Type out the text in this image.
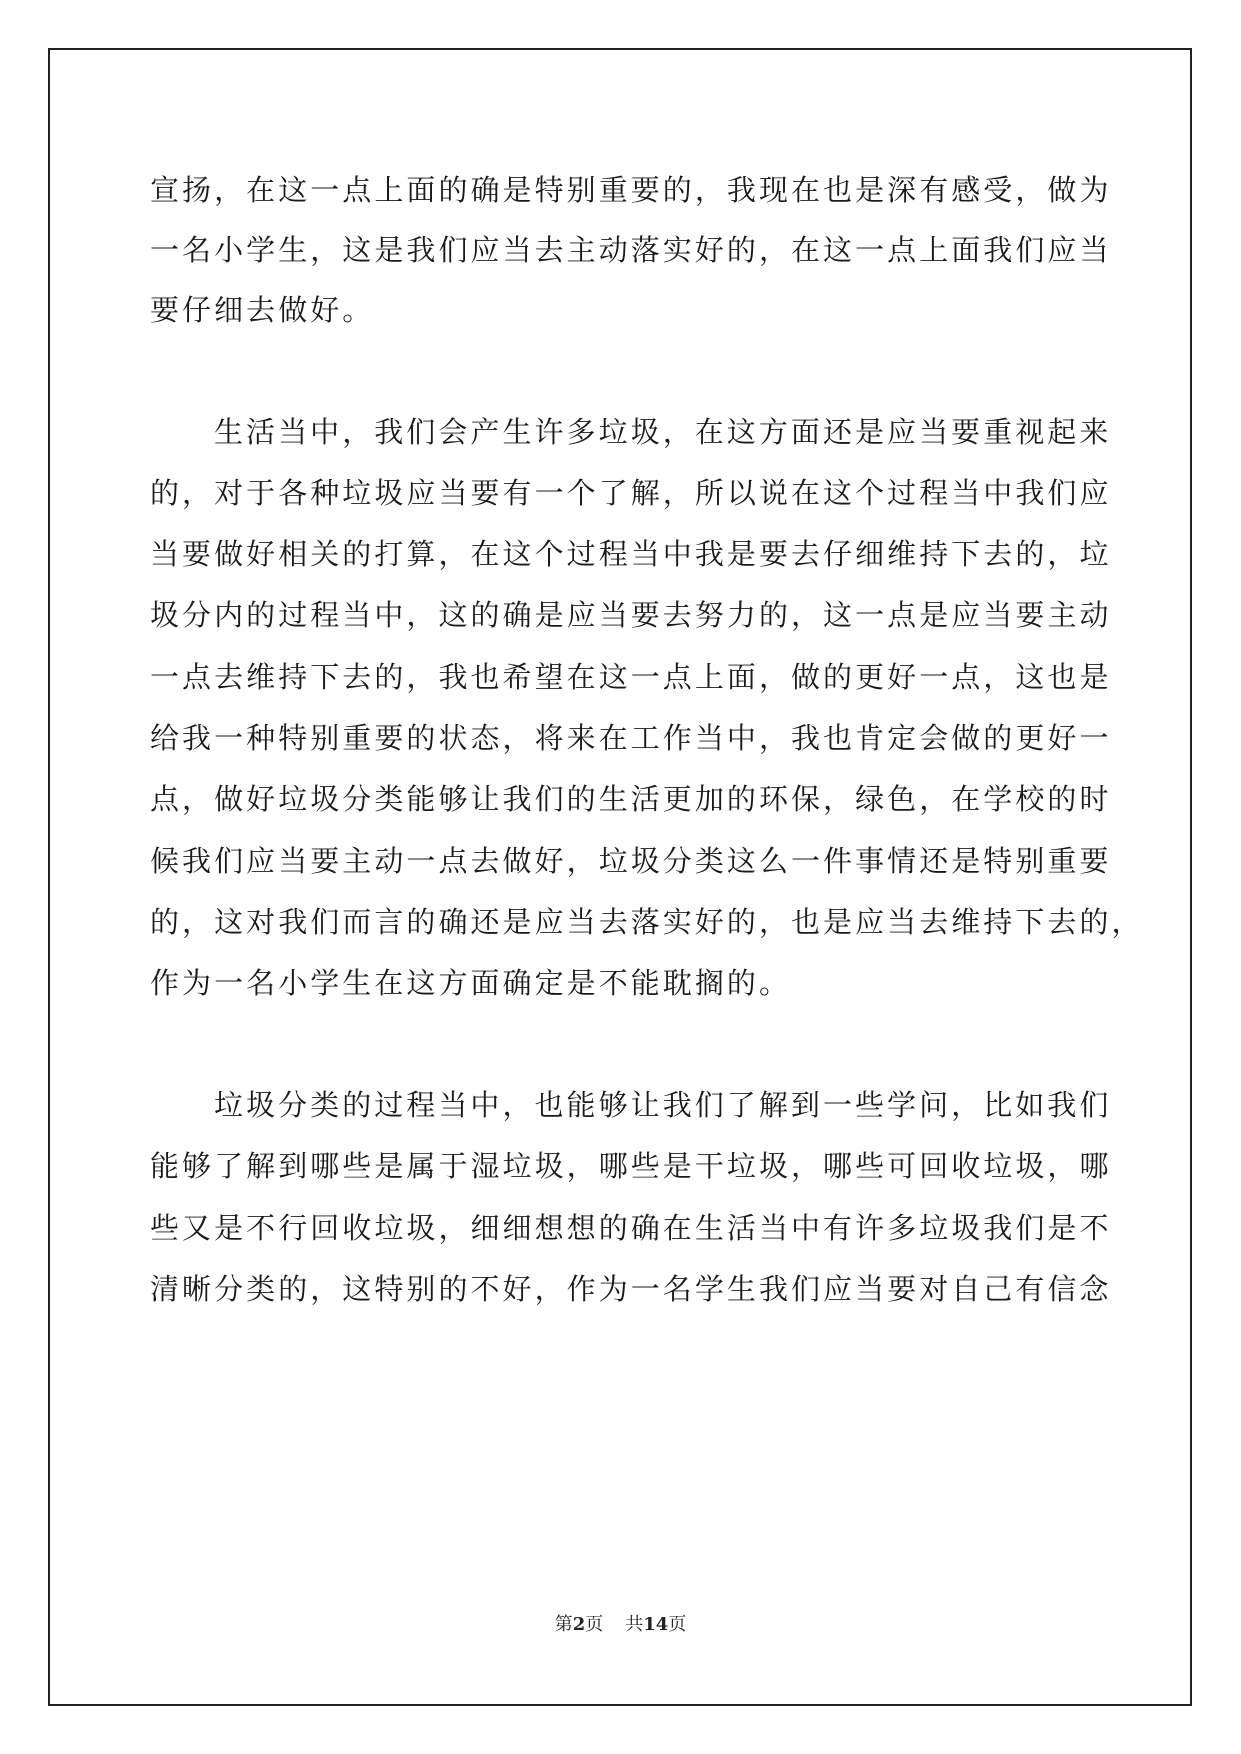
宣扬，在这一点上面的确是特别重要的，我现在也是深有感受，做为
一名小学生，这是我们应当去主动落实好的，在这一点上面我们应当
要仔细去做好。
生活当中，我们会产生许多垃圾，在这方面还是应当要重视起来
的，对于各种垃圾应当要有一个了解，所以说在这个过程当中我们应
当要做好相关的打算，在这个过程当中我是要去仔细维持下去的，垃
圾分内的过程当中，这的确是应当要去努力的，这一点是应当要主动
一点去维持下去的，我也希望在这一点上面，做的更好一点，这也是
给我一种特别重要的状态，将来在工作当中，我也肯定会做的更好一
点，做好垃圾分类能够让我们的生活更加的环保，绿色，在学校的时
候我们应当要主动一点去做好，垃圾分类这么一件事情还是特别重要
的，这对我们而言的确还是应当去落实好的，也是应当去维持下去的，
作为一名小学生在这方面确定是不能耽搁的。
垃圾分类的过程当中，也能够让我们了解到一些学问，比如我们
能够了解到哪些是属于湿垃圾，哪些是干垃圾，哪些可回收垃圾，哪
些又是不行回收垃圾，细细想想的确在生活当中有许多垃圾我们是不
清晰分类的，这特别的不好，作为一名学生我们应当要对自己有信念
第2页 共14页
